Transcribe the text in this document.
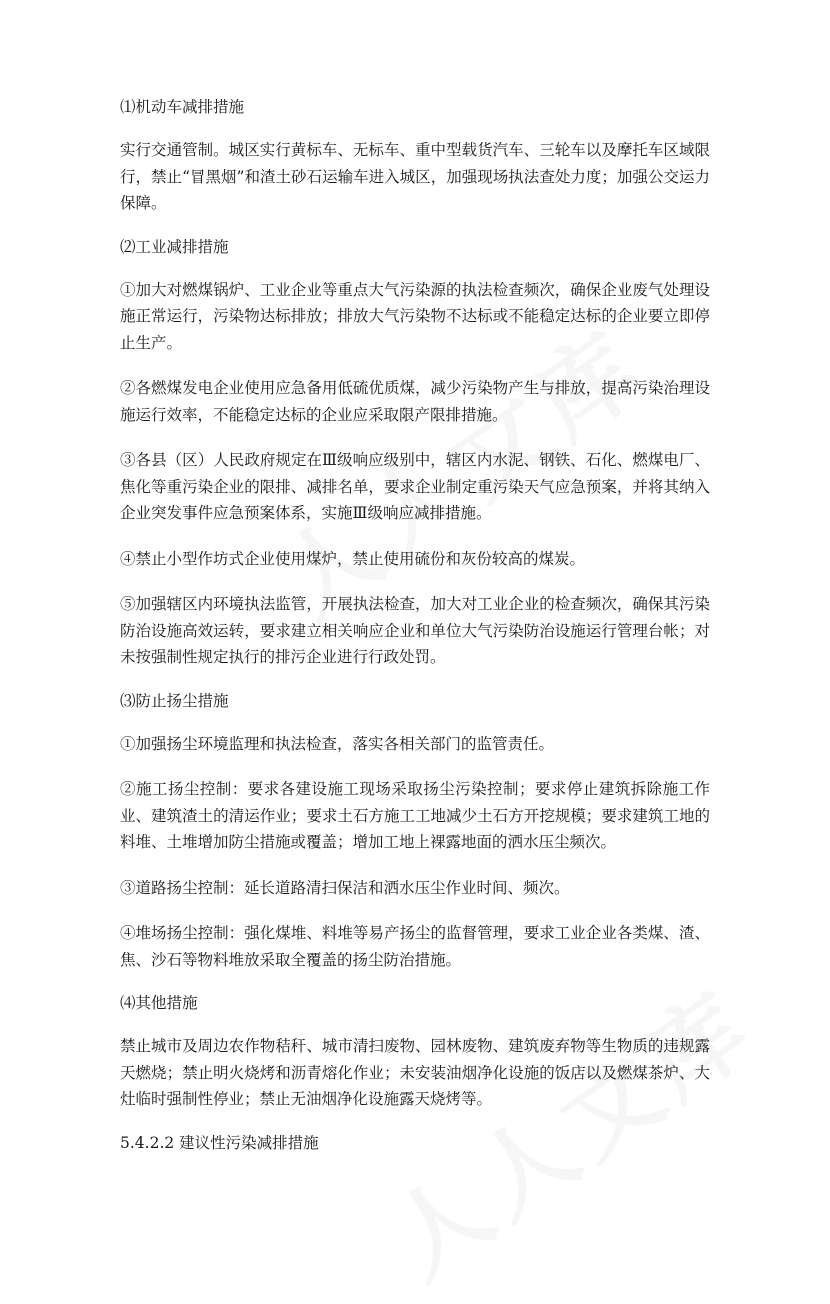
⑴机动车减排措施
实行交通管制。城区实行黄标车、无标车、重中型载货汽车、三轮车以及摩托车区域限行，禁止“冒黑烟”和渣土砂石运输车进入城区，加强现场执法查处力度；加强公交运力保障。
⑵工业减排措施
①加大对燃煤锅炉、工业企业等重点大气污染源的执法检查频次，确保企业废气处理设施正常运行，污染物达标排放；排放大气污染物不达标或不能稳定达标的企业要立即停止生产。
②各燃煤发电企业使用应急备用低硫优质煤，减少污染物产生与排放，提高污染治理设施运行效率，不能稳定达标的企业应采取限产限排措施。
③各县（区）人民政府规定在Ⅲ级响应级别中，辖区内水泥、钢铁、石化、燃煤电厂、焦化等重污染企业的限排、减排名单，要求企业制定重污染天气应急预案，并将其纳入企业突发事件应急预案体系，实施Ⅲ级响应减排措施。
④禁止小型作坊式企业使用煤炉，禁止使用硫份和灰份较高的煤炭。
⑤加强辖区内环境执法监管，开展执法检查，加大对工业企业的检查频次，确保其污染防治设施高效运转，要求建立相关响应企业和单位大气污染防治设施运行管理台帐；对未按强制性规定执行的排污企业进行行政处罚。
⑶防止扬尘措施
①加强扬尘环境监理和执法检查，落实各相关部门的监管责任。
②施工扬尘控制：要求各建设施工现场采取扬尘污染控制；要求停止建筑拆除施工作业、建筑渣土的清运作业；要求土石方施工工地减少土石方开挖规模；要求建筑工地的料堆、土堆增加防尘措施或覆盖；增加工地上裸露地面的洒水压尘频次。
③道路扬尘控制：延长道路清扫保洁和洒水压尘作业时间、频次。
④堆场扬尘控制：强化煤堆、料堆等易产扬尘的监督管理，要求工业企业各类煤、渣、焦、沙石等物料堆放采取全覆盖的扬尘防治措施。
⑷其他措施
禁止城市及周边农作物秸秆、城市清扫废物、园林废物、建筑废弃物等生物质的违规露天燃烧；禁止明火烧烤和沥青熔化作业；未安装油烟净化设施的饭店以及燃煤茶炉、大灶临时强制性停业；禁止无油烟净化设施露天烧烤等。
5.4.2.2 建议性污染减排措施
